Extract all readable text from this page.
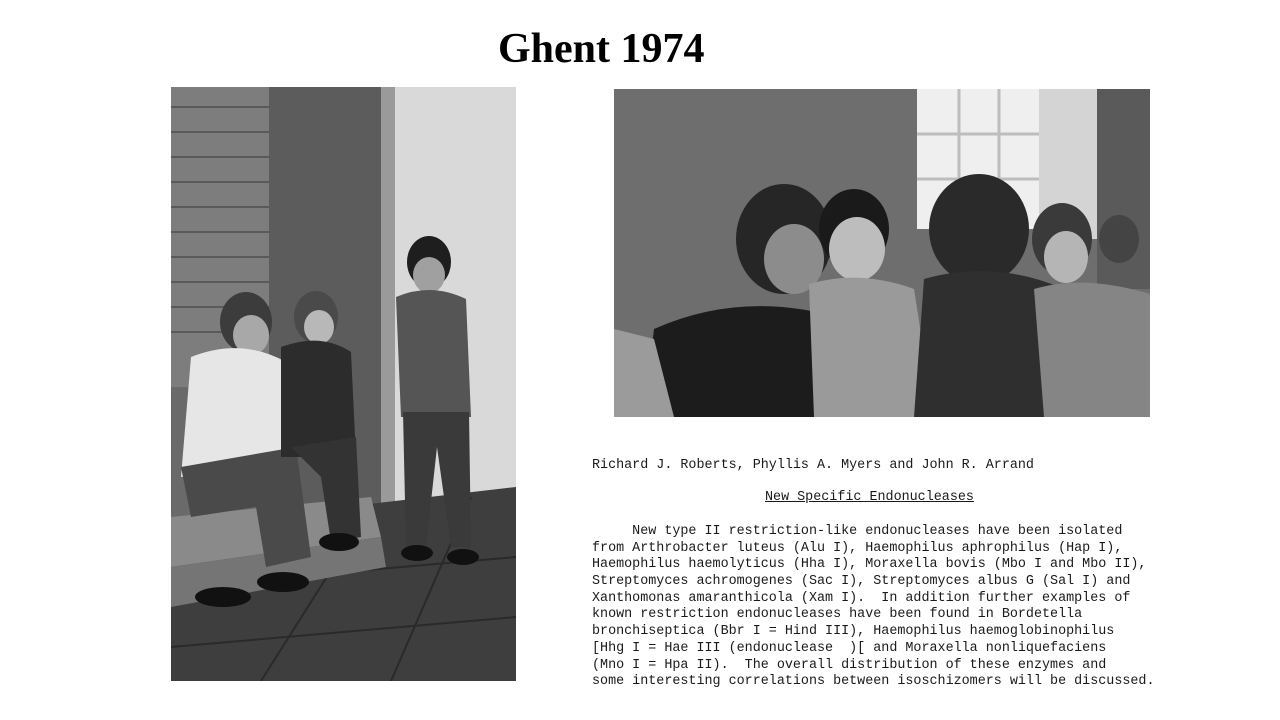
Ghent 1974
Richard J. Roberts, Phyllis A. Myers and John R. Arrand
New Specific Endonucleases
New type II restriction-like endonucleases have been isolated
from Arthrobacter luteus (Alu I), Haemophilus aphrophilus (Hap I),
Haemophilus haemolyticus (Hha I), Moraxella bovis (Mbo I and Mbo II),
Streptomyces achromogenes (Sac I), Streptomyces albus G (Sal I) and
Xanthomonas amaranthicola (Xam I).  In addition further examples of
known restriction endonucleases have been found in Bordetella
bronchiseptica (Bbr I = Hind III), Haemophilus haemoglobinophilus
[Hhg I = Hae III (endonuclease  )[ and Moraxella nonliquefaciens
(Mno I = Hpa II).  The overall distribution of these enzymes and
some interesting correlations between isoschizomers will be discussed.
